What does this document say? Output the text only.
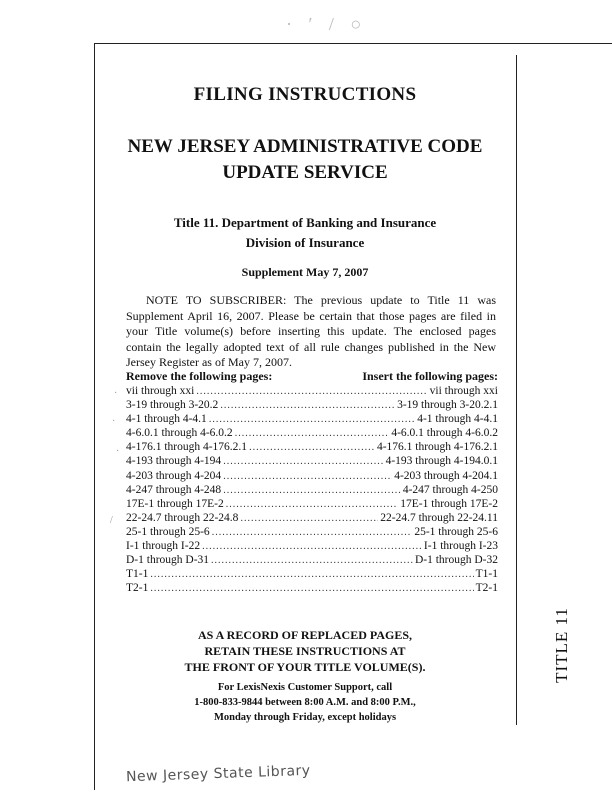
· ′ / ○
FILING INSTRUCTIONS
NEW JERSEY ADMINISTRATIVE CODE
UPDATE SERVICE
Title 11. Department of Banking and Insurance
Division of Insurance
Supplement May 7, 2007

NOTE TO SUBSCRIBER: The previous update to Title 11 was Supplement April 16, 2007. Please be certain that those pages are filed in your Title volume(s) before inserting this update. The enclosed pages contain the legally adopted text of all rule changes published in the New Jersey Register as of May 7, 2007.

Remove the following pages:	Insert the following pages:
vii through xxi .....	vii through xxi
3-19 through 3-20.2 .....	3-19 through 3-20.2.1
4-1 through 4-4.1 .....	4-1 through 4-4.1
4-6.0.1 through 4-6.0.2 .....	4-6.0.1 through 4-6.0.2
4-176.1 through 4-176.2.1 .....	4-176.1 through 4-176.2.1
4-193 through 4-194 .....	4-193 through 4-194.0.1
4-203 through 4-204 .....	4-203 through 4-204.1
4-247 through 4-248 .....	4-247 through 4-250
17E-1 through 17E-2 .....	17E-1 through 17E-2
22-24.7 through 22-24.8 .....	22-24.7 through 22-24.11
25-1 through 25-6 .....	25-1 through 25-6
I-1 through I-22 .....	I-1 through I-23
D-1 through D-31 .....	D-1 through D-32
T1-1 .....	T1-1
T2-1 .....	T2-1
·
·
·
/
AS A RECORD OF REPLACED PAGES,
RETAIN THESE INSTRUCTIONS AT
THE FRONT OF YOUR TITLE VOLUME(S).
For LexisNexis Customer Support, call
1-800-833-9844 between 8:00 A.M. and 8:00 P.M.,
Monday through Friday, except holidays
TITLE 11
New Jersey State Library
